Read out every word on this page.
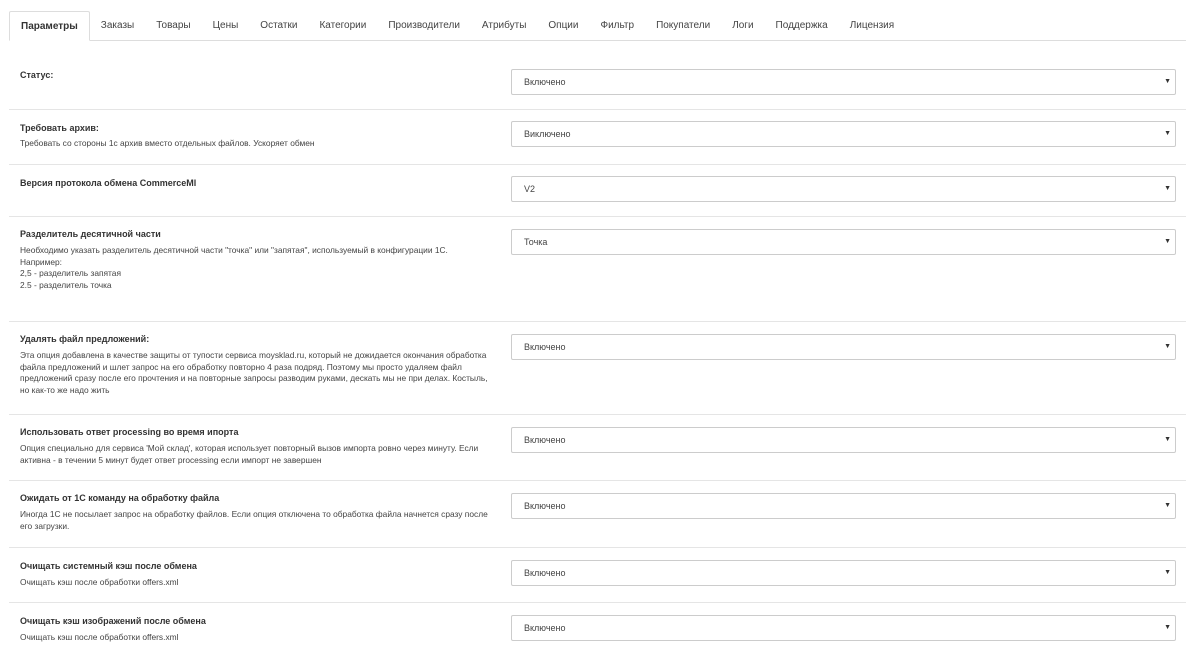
Параметры	Заказы	Товары	Цены	Остатки	Категории	Производители	Атрибуты	Опции	Фильтр	Покупатели	Логи	Поддержка	Лицензия
Статус:
Включено	▼
Требовать архив:
Требовать со стороны 1с архив вместо отдельных файлов. Ускоряет обмен
Виключено	▼
Версия протокола обмена CommerceMl
V2	▼
Разделитель десятичной части
Необходимо указать разделитель десятичной части "точка" или "запятая", используемый в конфигурации 1С.
Например:
2,5 - разделитель запятая
2.5 - разделитель точка
Точка	▼
Удалять файл предложений:
Эта опция добавлена в качестве защиты от тупости сервиса moysklad.ru, который не дожидается окончания обработка файла предложений и шлет запрос на его обработку повторно 4 раза подряд. Поэтому мы просто удаляем файл предложений сразу после его прочтения и на повторные запросы разводим руками, дескать мы не при делах. Костыль, но как-то же надо жить
Включено	▼
Использовать ответ processing во время ипорта
Опция специально для сервиса 'Мой склад', которая использует повторный вызов импорта ровно через минуту. Если активна - в течении 5 минут будет ответ processing если импорт не завершен
Включено	▼
Ожидать от 1С команду на обработку файла
Иногда 1С не посылает запрос на обработку файлов. Если опция отключена то обработка файла начнется сразу после его загрузки.
Включено	▼
Очищать системный кэш после обмена
Очищать кэш после обработки offers.xml
Включено	▼
Очищать кэш изображений после обмена
Очищать кэш после обработки offers.xml
Включено	▼
